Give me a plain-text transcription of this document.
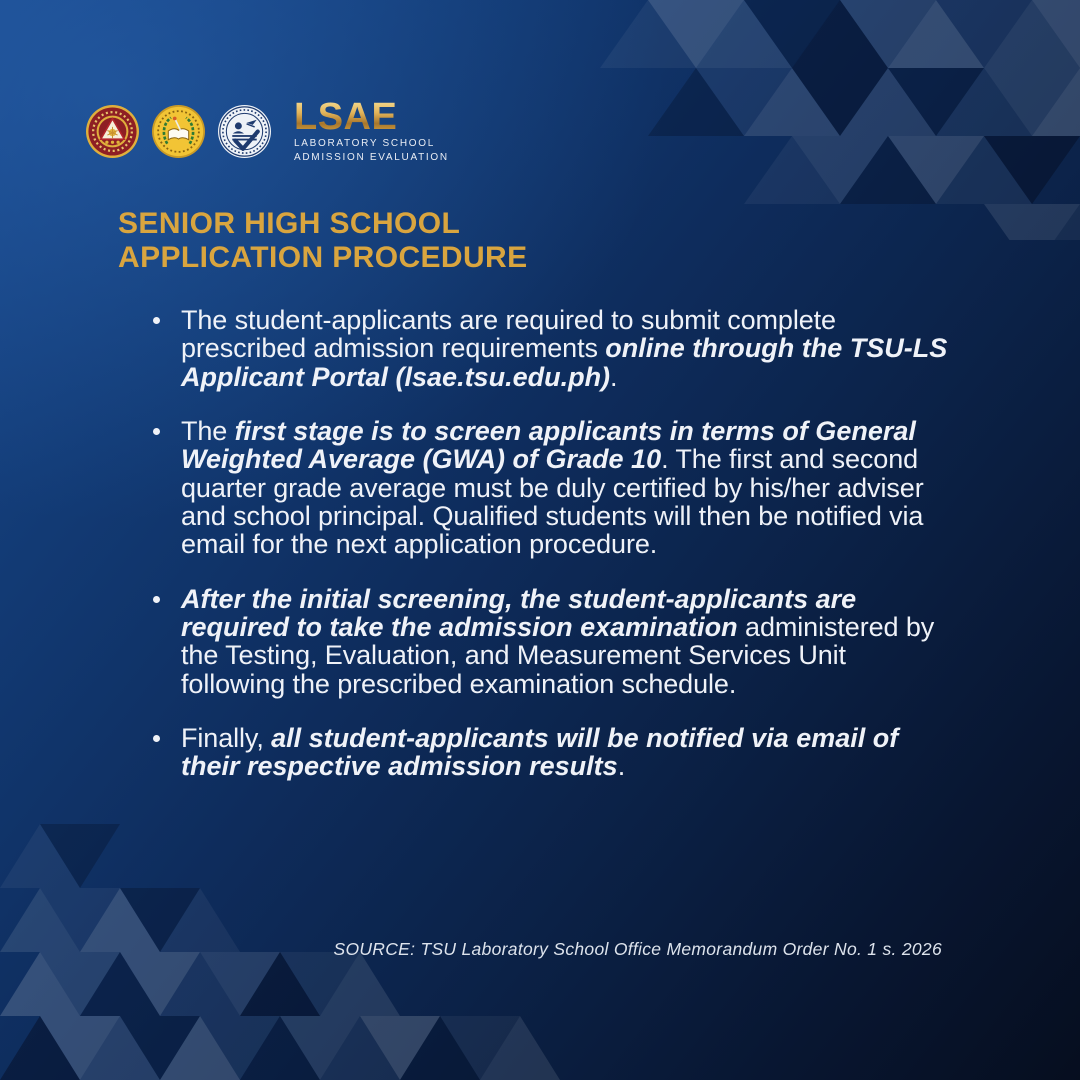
LSAE
LABORATORY SCHOOL
ADMISSION EVALUATION
SENIOR HIGH SCHOOL
APPLICATION PROCEDURE
The student-applicants are required to submit complete prescribed admission requirements online through the TSU-LS Applicant Portal (lsae.tsu.edu.ph).
The first stage is to screen applicants in terms of General Weighted Average (GWA) of Grade 10. The first and second quarter grade average must be duly certified by his/her adviser and school principal. Qualified students will then be notified via email for the next application procedure.
After the initial screening, the student-applicants are required to take the admission examination administered by the Testing, Evaluation, and Measurement Services Unit following the prescribed examination schedule.
Finally, all student-applicants will be notified via email of their respective admission results.
SOURCE: TSU Laboratory School Office Memorandum Order No. 1 s. 2026
